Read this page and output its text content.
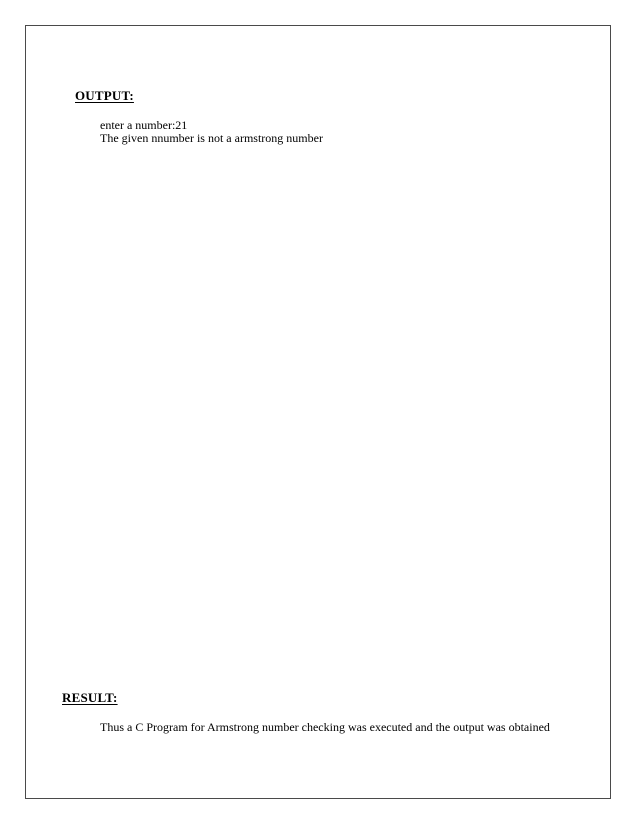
OUTPUT:
enter a number:21
The given nnumber is not a armstrong number
RESULT:
Thus a C Program for Armstrong number checking was executed and the output was obtained
